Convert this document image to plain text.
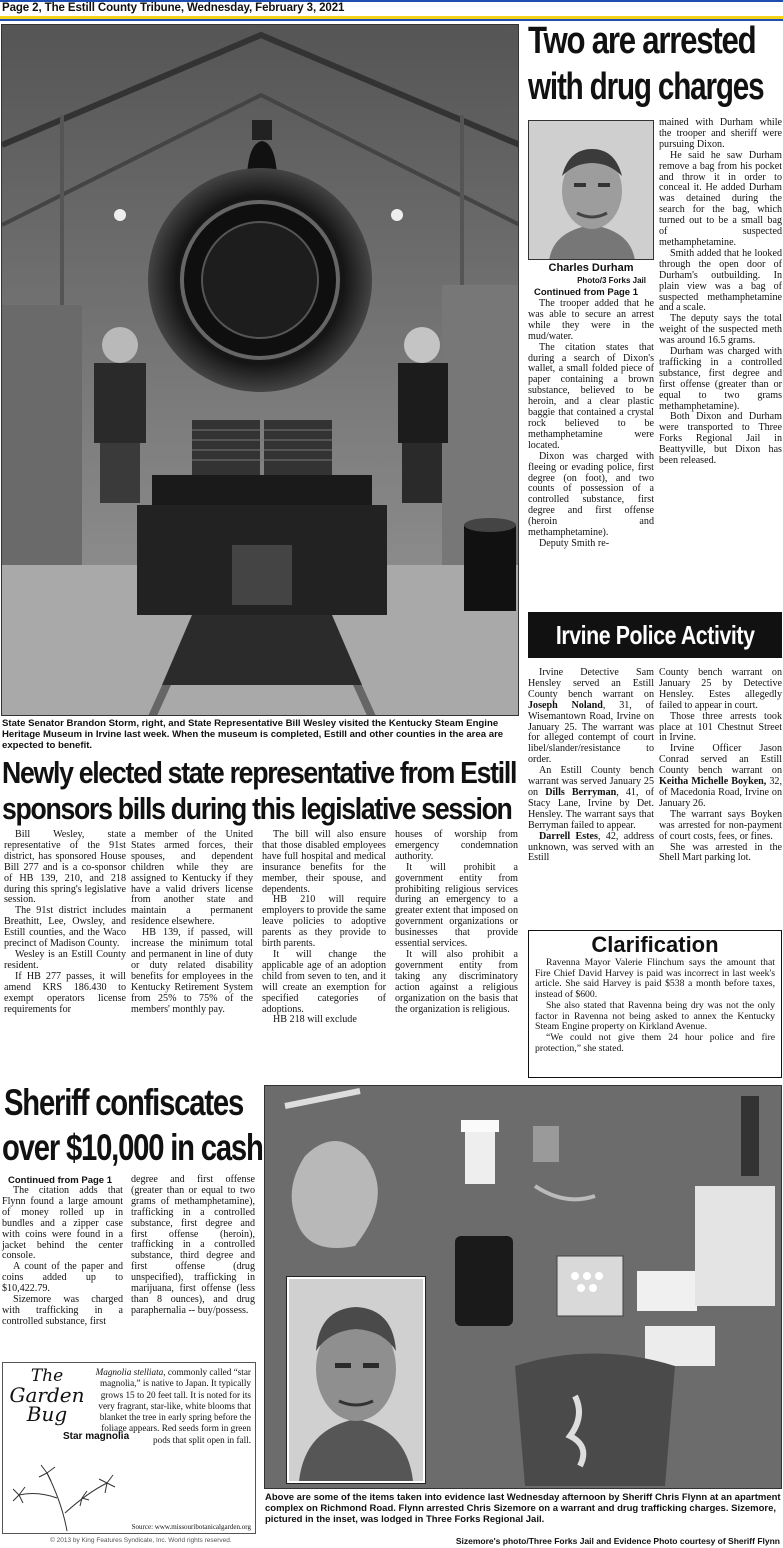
Page 2, The Estill County Tribune, Wednesday, February 3, 2021
State Senator Brandon Storm, right, and State Representative Bill Wesley visited the Kentucky Steam Engine Heritage Museum in Irvine last week. When the museum is completed, Estill and other counties in the area are expected to benefit.
Newly elected state representative from Estill
sponsors bills during this legislative session

Bill Wesley, state representative of the 91st district, has sponsored House Bill 277 and is a co-sponsor of HB 139, 210, and 218 during this spring's legislative session.

The 91st district includes Breathitt, Lee, Owsley, and Estill counties, and the Waco precinct of Madison County.

Wesley is an Estill County resident.

If HB 277 passes, it will amend KRS 186.430 to exempt operators license requirements for

a member of the United States armed forces, their spouses, and dependent children while they are assigned to Kentucky if they have a valid drivers license from another state and maintain a permanent residence elsewhere.

HB 139, if passed, will increase the minimum total and permanent in line of duty or duty related disability benefits for employees in the Kentucky Retirement System from 25% to 75% of the members' monthly pay.

The bill will also ensure that those disabled employees have full hospital and medical insurance benefits for the member, their spouse, and dependents.

HB 210 will require employers to provide the same leave policies to adoptive parents as they provide to birth parents.

It will change the applicable age of an adoption child from seven to ten, and it will create an exemption for specified categories of adoptions.

HB 218 will exclude

houses of worship from emergency condemnation authority.

It will prohibit a government entity from prohibiting religious services during an emergency to a greater extent that imposed on government organizations or businesses that provide essential services.

It will also prohibit a government entity from taking any discriminatory action against a religious organization on the basis that the organization is religious.

Two are arrested
with drug charges
Charles Durham
Photo/3 Forks Jail
Continued from Page 1

The trooper added that he was able to secure an arrest while they were in the mud/water.

The citation states that during a search of Dixon's wallet, a small folded piece of paper containing a brown substance, believed to be heroin, and a clear plastic baggie that contained a crystal rock believed to be methamphetamine were located.

Dixon was charged with fleeing or evading police, first degree (on foot), and two counts of possession of a controlled substance, first degree and first offense (heroin and methamphetamine).

Deputy Smith re-

mained with Durham while the trooper and sheriff were pursuing Dixon.

He said he saw Durham remove a bag from his pocket and throw it in order to conceal it. He added Durham was detained during the search for the bag, which turned out to be a small bag of suspected methamphetamine.

Smith added that he looked through the open door of Durham's outbuilding. In plain view was a bag of suspected methamphetamine and a scale.

The deputy says the total weight of the suspected meth was around 16.5 grams.

Durham was charged with trafficking in a controlled substance, first degree and first offense (greater than or equal to two grams methamphetamine).

Both Dixon and Durham were transported to Three Forks Regional Jail in Beattyville, but Dixon has been released.

Irvine Police Activity

Irvine Detective Sam Hensley served an Estill County bench warrant on Joseph Noland, 31, of Wisemantown Road, Irvine on January 25. The warrant was for alleged contempt of court libel/slander/resistance to order.

An Estill County bench warrant was served January 25 on Dills Berryman, 41, of Stacy Lane, Irvine by Det. Hensley. The warrant says that Berryman failed to appear.

Darrell Estes, 42, address unknown, was served with an Estill

County bench warrant on January 25 by Detective Hensley. Estes allegedly failed to appear in court.

Those three arrests took place at 101 Chestnut Street in Irvine.

Irvine Officer Jason Conrad served an Estill County bench warrant on Keitha Michelle Boyken, 32, of Macedonia Road, Irvine on January 26.

The warrant says Boyken was arrested for non-payment of court costs, fees, or fines.

She was arrested in the Shell Mart parking lot.

Clarification

Ravenna Mayor Valerie Flinchum says the amount that Fire Chief David Harvey is paid was incorrect in last week's article. She said Harvey is paid $538 a month before taxes, instead of $600.

She also stated that Ravenna being dry was not the only factor in Ravenna not being asked to annex the Kentucky Steam Engine property on Kirkland Avenue.

“We could not give them 24 hour police and fire protection,” she stated.

Sheriff confiscates
over $10,000 in cash
Continued from Page 1

The citation adds that Flynn found a large amount of money rolled up in bundles and a zipper case with coins were found in a jacket behind the center console.

A count of the paper and coins added up to $10,422.79.

Sizemore was charged with trafficking in a controlled substance, first

degree and first offense (greater than or equal to two grams of methamphetamine), trafficking in a controlled substance, first degree and first offense (heroin), trafficking in a controlled substance, third degree and first offense (drug unspecified), trafficking in marijuana, first offense (less than 8 ounces), and drug paraphernalia -- buy/possess.

The
Garden
Bug
Star magnolia
Magnolia stelliata, commonly called “star magnolia,” is native to Japan. It typically grows 15 to 20 feet tall. It is noted for its very fragrant, star-like, white blooms that blanket the tree in early spring before the foliage appears. Red seeds form in green pods that split open in fall.
Source: www.missouribotanicalgarden.org
© 2013 by King Features Syndicate, Inc. World rights reserved.
Above are some of the items taken into evidence last Wednesday afternoon by Sheriff Chris Flynn at an apartment complex on Richmond Road. Flynn arrested Chris Sizemore on a warrant and drug trafficking charges. Sizemore, pictured in the inset, was lodged in Three Forks Regional Jail.
Sizemore's photo/Three Forks Jail and Evidence Photo courtesy of Sheriff Flynn
